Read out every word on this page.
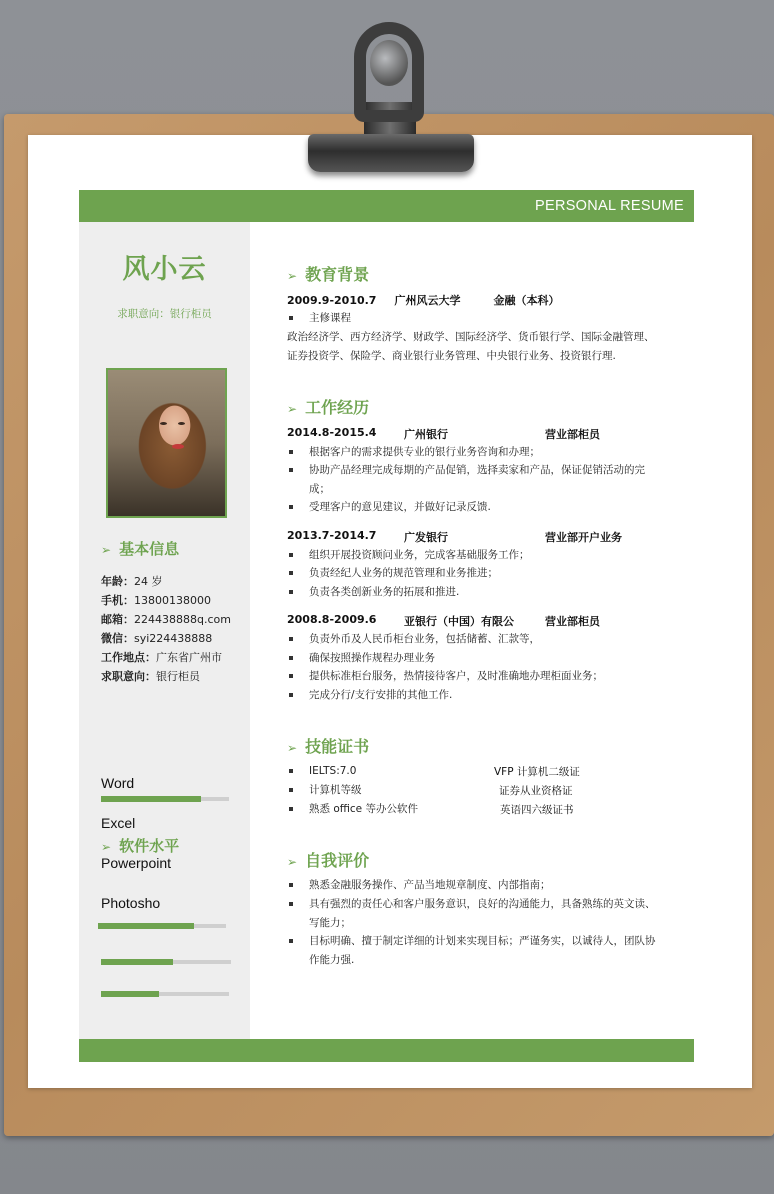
PERSONAL RESUME
风小云
求职意向：银行柜员
➢ 基本信息
年龄：24 岁
手机：13800138000
邮箱：224438888q.com
微信：syi224438888
工作地点：广东省广州市
求职意向：银行柜员
Word
Excel
➢ 软件水平
Powerpoint
Photosho
➢ 教育背景
2009.9-2010.7 广州风云大学	金融（本科）
主修课程
政治经济学、西方经济学、财政学、国际经济学、货币银行学、国际金融管理、证券投资学、保险学、商业银行业务管理、中央银行业务、投资银行理.
➢ 工作经历
2014.8-2015.4	广州银行	营业部柜员
根据客户的需求提供专业的银行业务咨询和办理；
协助产品经理完成每期的产品促销，选择卖家和产品，保证促销活动的完成；
受理客户的意见建议，并做好记录反馈.
2013.7-2014.7	广发银行	营业部开户业务
组织开展投资顾问业务，完成客基础服务工作；
负责经纪人业务的规范管理和业务推进；
负责各类创新业务的拓展和推进.
2008.8-2009.6	亚银行（中国）有限公	营业部柜员
负责外币及人民币柜台业务，包括储蓄、汇款等，
确保按照操作规程办理业务
提供标准柜台服务，热情接待客户，及时准确地办理柜面业务；
完成分行/支行安排的其他工作.
➢ 技能证书
IELTS:7.0	VFP 计算机二级证
计算机等级	证券从业资格证
熟悉 office 等办公软件	英语四六级证书
➢ 自我评价
熟悉金融服务操作、产品当地规章制度、内部指南；
具有强烈的责任心和客户服务意识，良好的沟通能力，具备熟练的英文读、写能力；
目标明确、擅于制定详细的计划来实现目标；严谨务实，以诚待人，团队协作能力强.
